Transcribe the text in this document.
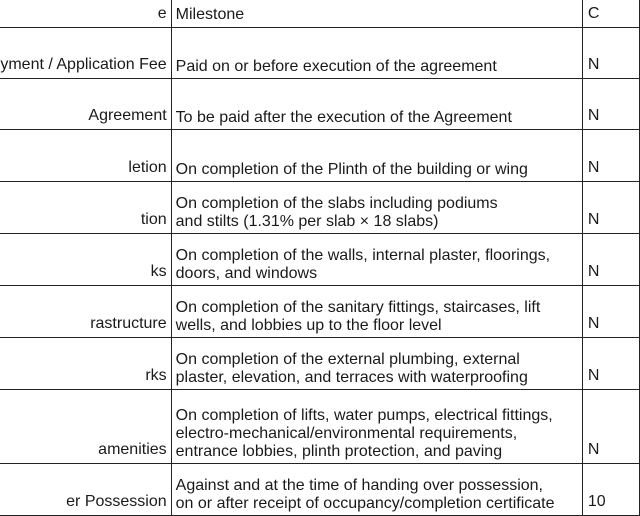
e	Milestone	C
yment / Application Fee	Paid on or before execution of the agreement	N
Agreement	To be paid after the execution of the Agreement	N
letion	On completion of the Plinth of the building or wing	N
tion	On completion of the slabs including podiums
and stilts (1.31% per slab × 18 slabs)	N
ks	On completion of the walls, internal plaster, floorings,
doors, and windows	N
rastructure	On completion of the sanitary fittings, staircases, lift
wells, and lobbies up to the floor level	N
rks	On completion of the external plumbing, external
plaster, elevation, and terraces with waterproofing	N
amenities	On completion of lifts, water pumps, electrical fittings,
electro-mechanical/environmental requirements,
entrance lobbies, plinth protection, and paving	N
er Possession	Against and at the time of handing over possession,
on or after receipt of occupancy/completion certificate	10
